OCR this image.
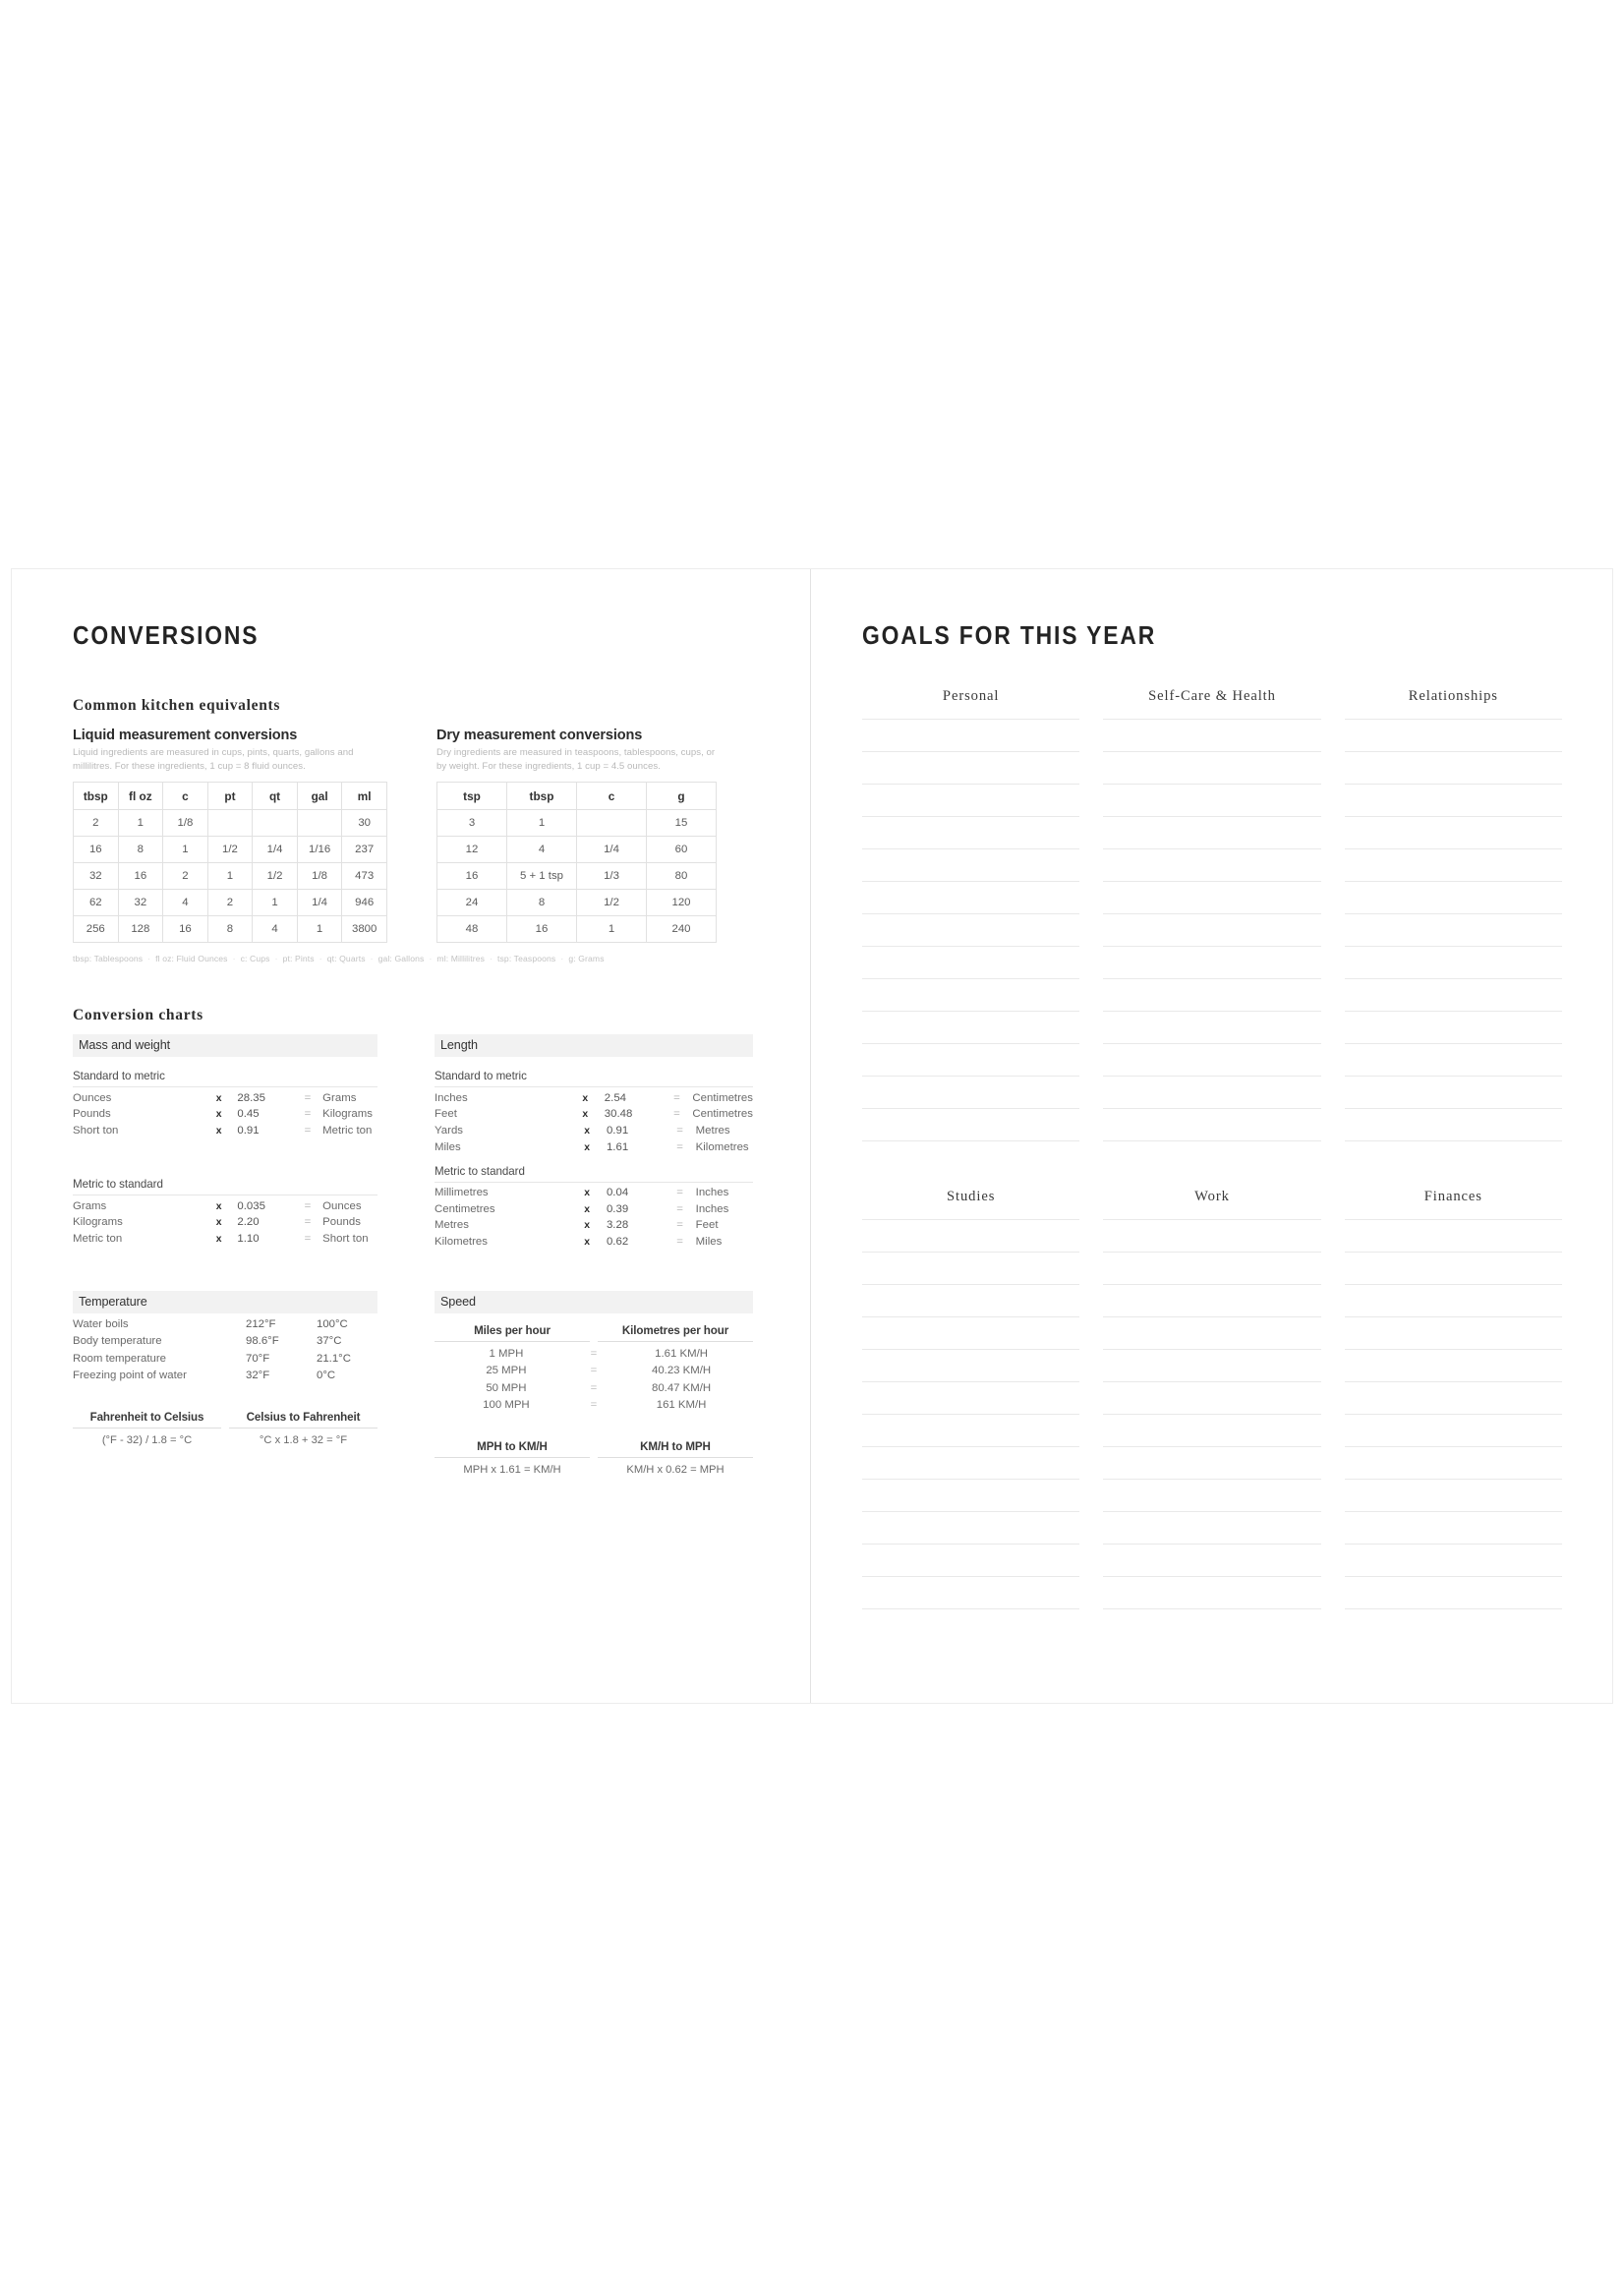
CONVERSIONS
Common kitchen equivalents
Liquid measurement conversions
Liquid ingredients are measured in cups, pints, quarts, gallons and millilitres. For these ingredients, 1 cup = 8 fluid ounces.
tbsp	fl oz	c	pt	qt	gal	ml
2	1	1/8				30
16	8	1	1/2	1/4	1/16	237
32	16	2	1	1/2	1/8	473
62	32	4	2	1	1/4	946
256	128	16	8	4	1	3800
Dry measurement conversions
Dry ingredients are measured in teaspoons, tablespoons, cups, or by weight. For these ingredients, 1 cup = 4.5 ounces.
tsp	tbsp	c	g
3	1		15
12	4	1/4	60
16	5 + 1 tsp	1/3	80
24	8	1/2	120
48	16	1	240
tbsp: Tablespoons · fl oz: Fluid Ounces · c: Cups · pt: Pints · qt: Quarts · gal: Gallons · ml: Millilitres · tsp: Teaspoons · g: Grams
Conversion charts
Mass and weight
Standard to metric
Ounces	x	28.35	=	Grams
Pounds	x	0.45	=	Kilograms
Short ton	x	0.91	=	Metric ton
Metric to standard
Grams	x	0.035	=	Ounces
Kilograms	x	2.20	=	Pounds
Metric ton	x	1.10	=	Short ton
Length
Standard to metric
Inches	x	2.54	=	Centimetres
Feet	x	30.48	=	Centimetres
Yards	x	0.91	=	Metres
Miles	x	1.61	=	Kilometres
Metric to standard
Millimetres	x	0.04	=	Inches
Centimetres	x	0.39	=	Inches
Metres	x	3.28	=	Feet
Kilometres	x	0.62	=	Miles
Temperature
Water boils	212°F	100°C
Body temperature	98.6°F	37°C
Room temperature	70°F	21.1°C
Freezing point of water	32°F	0°C
Fahrenheit to Celsius
(°F - 32) / 1.8 = °C
Celsius to Fahrenheit
°C x 1.8 + 32 = °F
Speed
Miles per hour	Kilometres per hour
1 MPH	=	1.61 KM/H
25 MPH	=	40.23 KM/H
50 MPH	=	80.47 KM/H
100 MPH	=	161 KM/H
MPH to KM/H
MPH x 1.61 = KM/H
KM/H to MPH
KM/H x 0.62 = MPH
GOALS FOR THIS YEAR
Personal	Self-Care & Health	Relationships
Studies	Work	Finances
